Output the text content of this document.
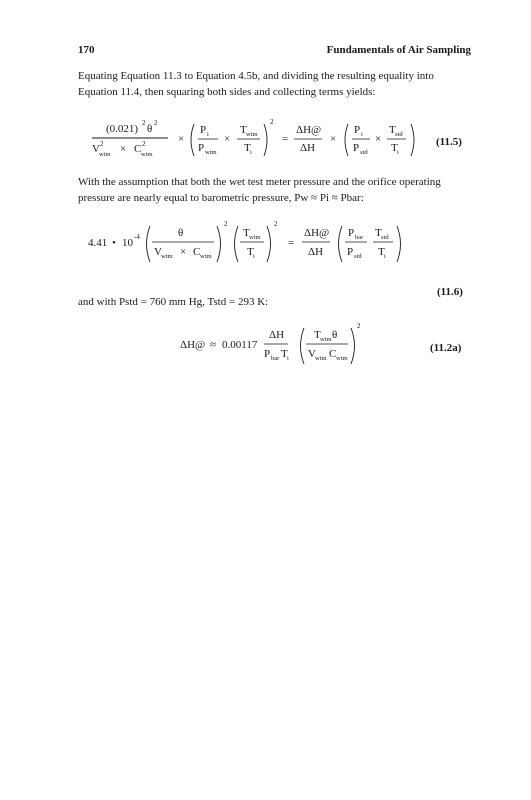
170	Fundamentals of Air Sampling
Equating Equation 11.3 to Equation 4.5b, and dividing the resulting equality into Equation 11.4, then squaring both sides and collecting terms yields:
(0.021) 2 θ 2
V 2
wtm × C 2
wtm
×
P i
P wtm
×
T wtm
T i
2
=
ΔH@
ΔH
×
P i
P std
×
T std
T i
(11.5)
With the assumption that both the wet test meter pressure and the orifice operating pressure are nearly equal to barometric pressure, Pw ≈ Pi ≈ Pbar:
4.41 • 10 -4	θ
V wtm × C wtm
2
T wtm
T i
2
=
ΔH@
ΔH
P bar
P std
T std
T i
(11.6)
and with Pstd = 760 mm Hg, Tstd = 293 K:
ΔH@ ≈ 0.00117
ΔH
P bar T i
T wtm θ
V wtm C wtm
2
(11.2a)
